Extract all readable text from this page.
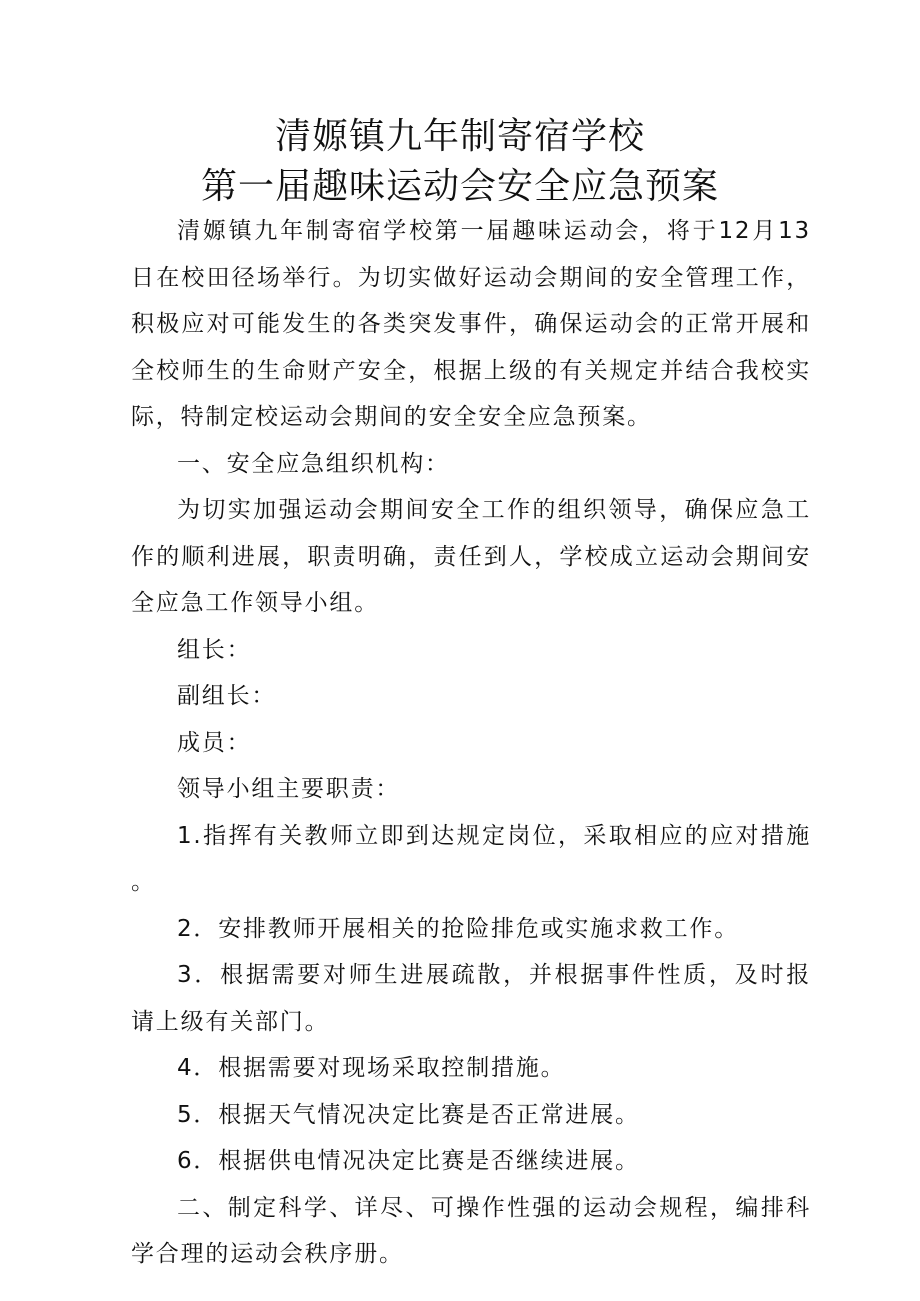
清嫄镇九年制寄宿学校
第一届趣味运动会安全应急预案

清嫄镇九年制寄宿学校第一届趣味运动会，将于12月13日在校田径场举行。为切实做好运动会期间的安全管理工作，积极应对可能发生的各类突发事件，确保运动会的正常开展和全校师生的生命财产安全，根据上级的有关规定并结合我校实际，特制定校运动会期间的安全安全应急预案。

一、安全应急组织机构：

为切实加强运动会期间安全工作的组织领导，确保应急工作的顺利进展，职责明确，责任到人，学校成立运动会期间安全应急工作领导小组。

组长：

副组长：

成员：

领导小组主要职责：

1.指挥有关教师立即到达规定岗位，采取相应的应对措施。

2．安排教师开展相关的抢险排危或实施求救工作。

3．根据需要对师生进展疏散，并根据事件性质，及时报请上级有关部门。

4．根据需要对现场采取控制措施。

5．根据天气情况决定比赛是否正常进展。

6．根据供电情况决定比赛是否继续进展。

二、制定科学、详尽、可操作性强的运动会规程，编排科学合理的运动会秩序册。
